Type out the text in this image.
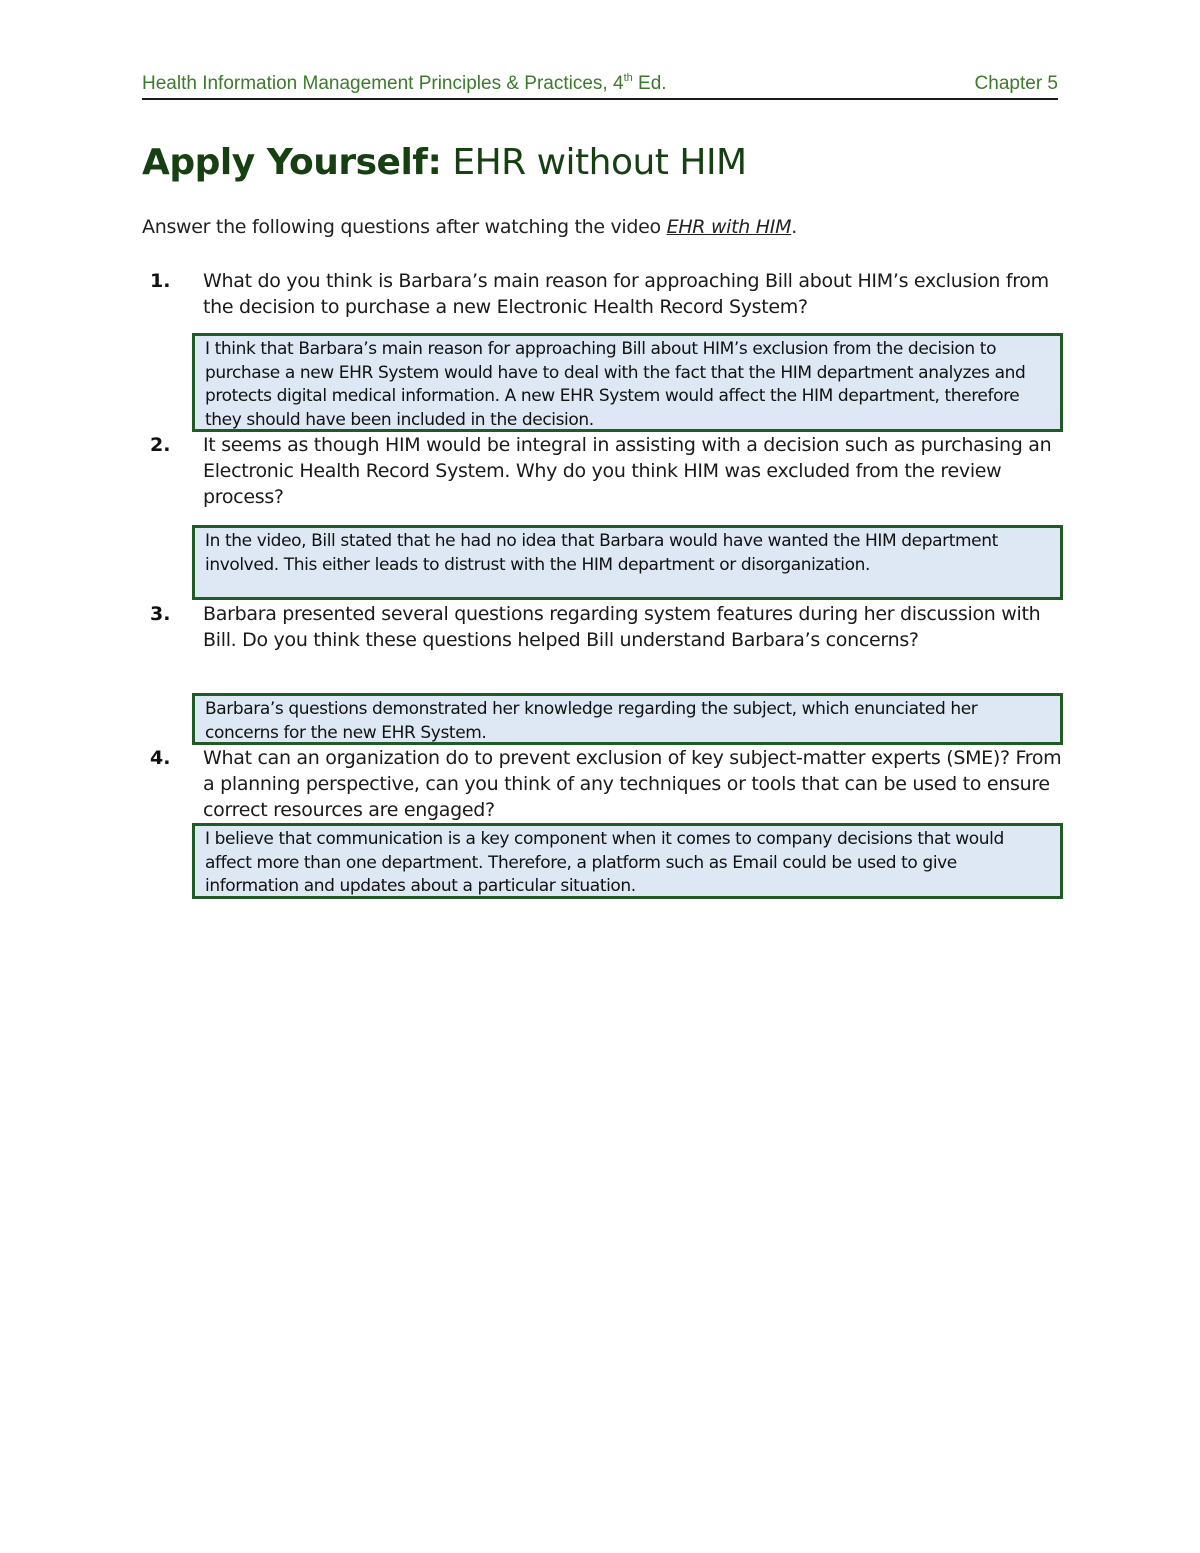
Health Information Management Principles & Practices, 4th Ed.	Chapter 5
Apply Yourself: EHR without HIM
Answer the following questions after watching the video EHR with HIM.
1. What do you think is Barbara’s main reason for approaching Bill about HIM’s exclusion from the decision to purchase a new Electronic Health Record System?
I think that Barbara’s main reason for approaching Bill about HIM’s exclusion from the decision to purchase a new EHR System would have to deal with the fact that the HIM department analyzes and protects digital medical information. A new EHR System would affect the HIM department, therefore they should have been included in the decision.
2. It seems as though HIM would be integral in assisting with a decision such as purchasing an Electronic Health Record System. Why do you think HIM was excluded from the review process?
In the video, Bill stated that he had no idea that Barbara would have wanted the HIM department involved. This either leads to distrust with the HIM department or disorganization.
3. Barbara presented several questions regarding system features during her discussion with Bill. Do you think these questions helped Bill understand Barbara’s concerns?
Barbara’s questions demonstrated her knowledge regarding the subject, which enunciated her concerns for the new EHR System.
4. What can an organization do to prevent exclusion of key subject-matter experts (SME)? From a planning perspective, can you think of any techniques or tools that can be used to ensure correct resources are engaged?
I believe that communication is a key component when it comes to company decisions that would affect more than one department. Therefore, a platform such as Email could be used to give information and updates about a particular situation.
